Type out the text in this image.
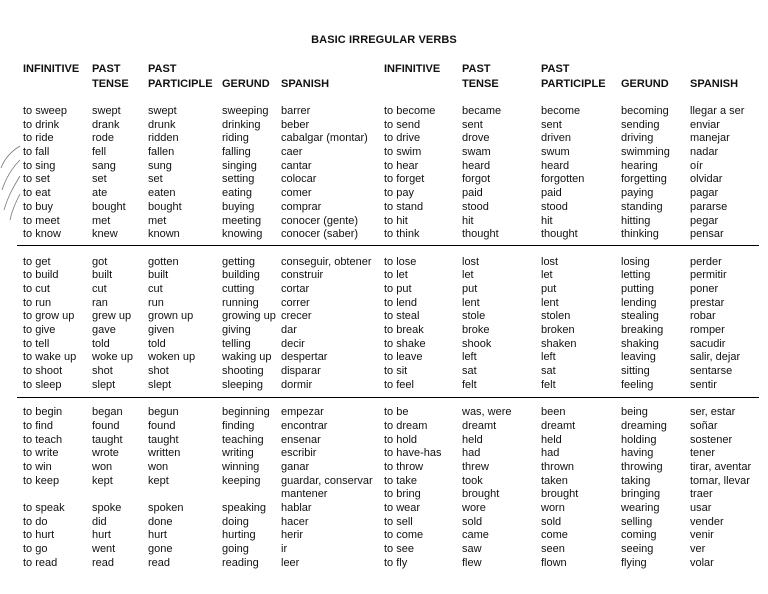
BASIC IRREGULAR VERBS
INFINITIVE PAST
TENSE
PAST
PARTICIPLE GERUND SPANISH
INFINITIVE PAST
TENSE
PAST
PARTICIPLE GERUND SPANISH
to sweep
to drink
to ride
to fall
to sing
to set
to eat
to buy
to meet
to know
to get
to build
to cut
to run
to grow up
to give
to tell
to wake up
to shoot
to sleep
to begin
to find
to teach
to write
to win
to keep
to speak
to do
to hurt
to go
to read
swept
drank
rode
fell
sang
set
ate
bought
met
knew
got
built
cut
ran
grew up
gave
told
woke up
shot
slept
began
found
taught
wrote
won
kept
spoke
did
hurt
went
read
swept
drunk
ridden
fallen
sung
set
eaten
bought
met
known
gotten
built
cut
run
grown up
given
told
woken up
shot
slept
begun
found
taught
written
won
kept
spoken
done
hurt
gone
read
sweeping
drinking
riding
falling
singing
setting
eating
buying
meeting
knowing
getting
building
cutting
running
growing up
giving
telling
waking up
shooting
sleeping
beginning
finding
teaching
writing
winning
keeping
speaking
doing
hurting
going
reading
barrer
beber
cabalgar (montar)
caer
cantar
colocar
comer
comprar
conocer (gente)
conocer (saber)
conseguir, obtener
construir
cortar
correr
crecer
dar
decir
despertar
disparar
dormir
empezar
encontrar
ensenar
escribir
ganar
guardar, conservar
mantener
hablar
hacer
herir
ir
leer
to become
to send
to drive
to swim
to hear
to forget
to pay
to stand
to hit
to think
to lose
to let
to put
to lend
to steal
to break
to shake
to leave
to sit
to feel
to be
to dream
to hold
to have-has
to throw
to take
to bring
to wear
to sell
to come
to see
to fly
became
sent
drove
swam
heard
forgot
paid
stood
hit
thought
lost
let
put
lent
stole
broke
shook
left
sat
felt
was, were
dreamt
held
had
threw
took
brought
wore
sold
came
saw
flew
become
sent
driven
swum
heard
forgotten
paid
stood
hit
thought
lost
let
put
lent
stolen
broken
shaken
left
sat
felt
been
dreamt
held
had
thrown
taken
brought
worn
sold
come
seen
flown
becoming
sending
driving
swimming
hearing
forgetting
paying
standing
hitting
thinking
losing
letting
putting
lending
stealing
breaking
shaking
leaving
sitting
feeling
being
dreaming
holding
having
throwing
taking
bringing
wearing
selling
coming
seeing
flying
llegar a ser
enviar
manejar
nadar
oír
olvidar
pagar
pararse
pegar
pensar
perder
permitir
poner
prestar
robar
romper
sacudir
salir, dejar
sentarse
sentir
ser, estar
soñar
sostener
tener
tirar, aventar
tomar, llevar
traer
usar
vender
venir
ver
volar
